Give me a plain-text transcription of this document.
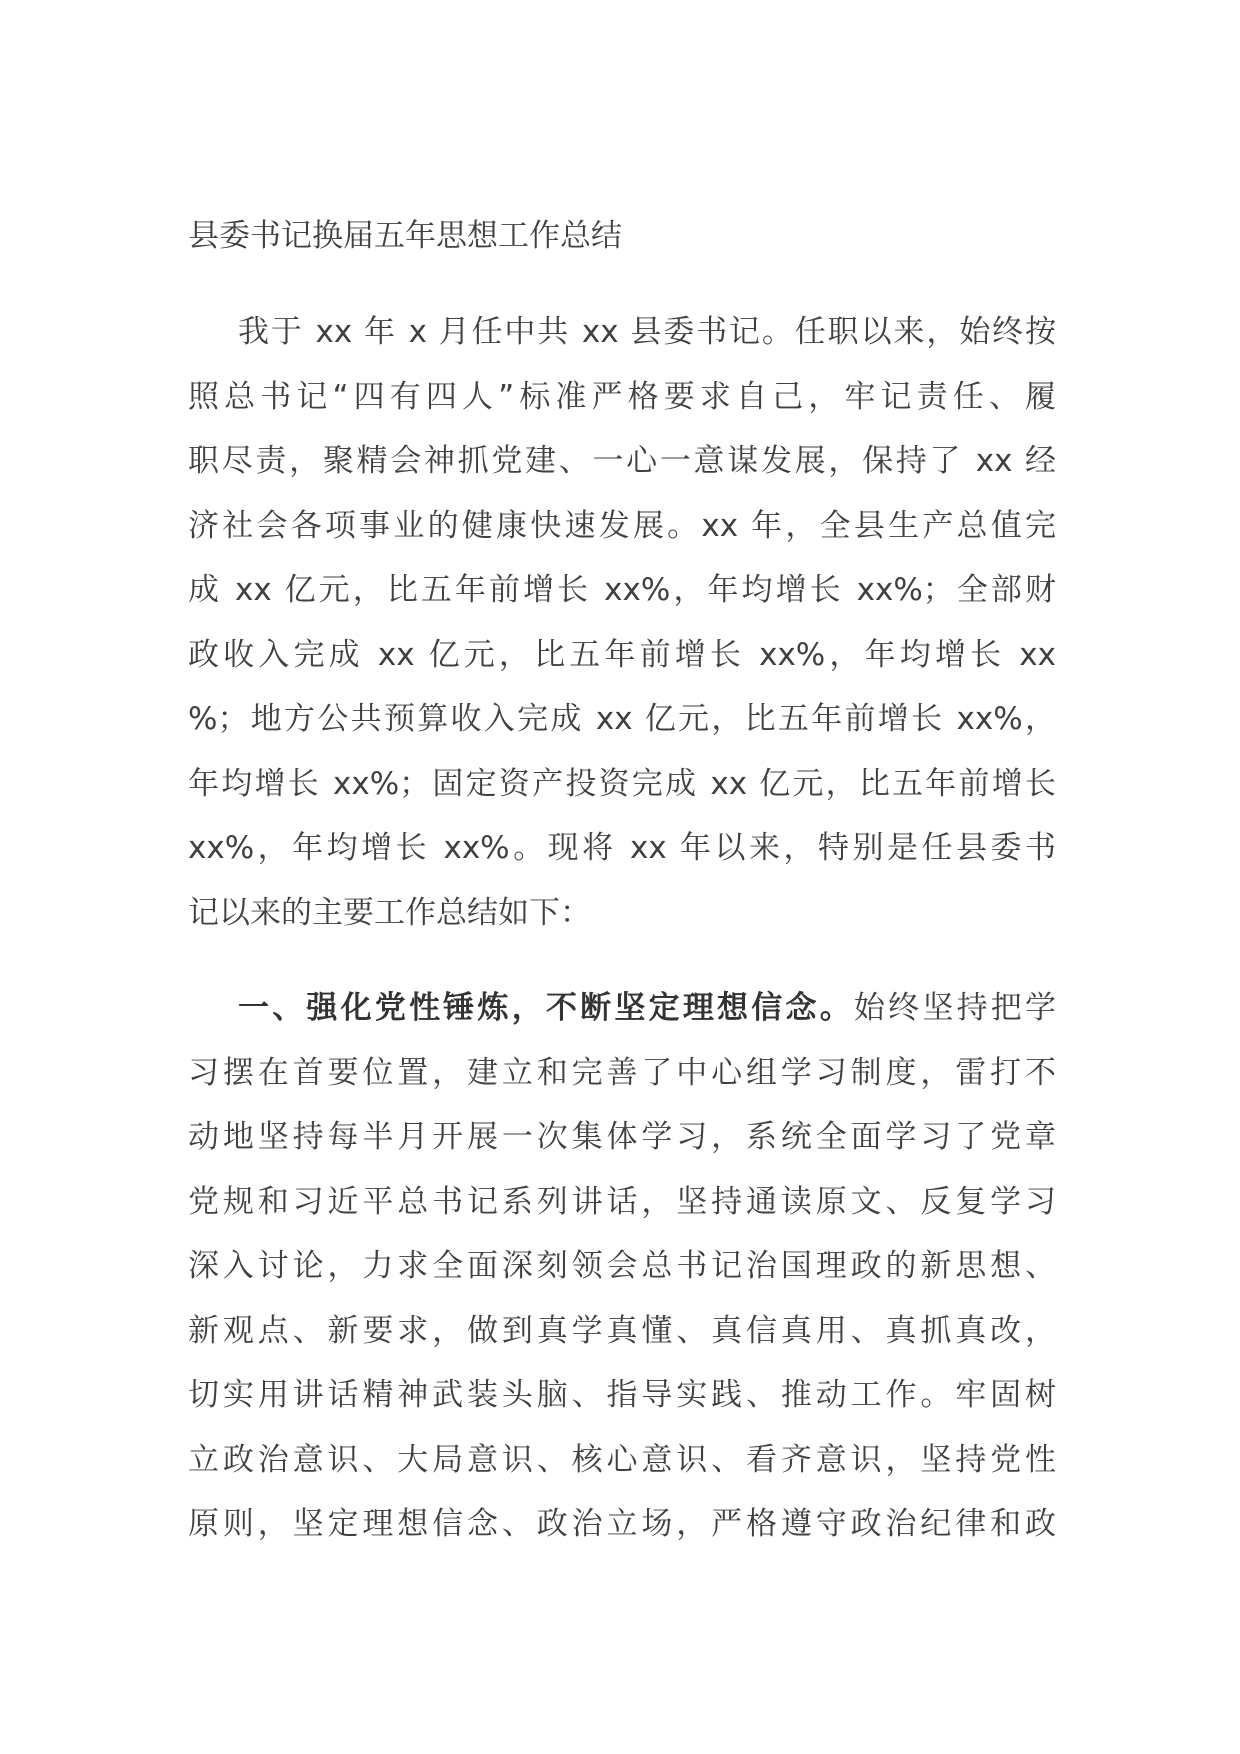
县委书记换届五年思想工作总结
我于 xx 年 x 月任中共 xx 县委书记。任职以来，始终按
照总书记“四有四人”标准严格要求自己，牢记责任、履
职尽责，聚精会神抓党建、一心一意谋发展，保持了 xx 经
济社会各项事业的健康快速发展。xx 年，全县生产总值完
成 xx 亿元，比五年前增长 xx%，年均增长 xx%；全部财
政收入完成 xx 亿元，比五年前增长 xx%，年均增长 xx
%；地方公共预算收入完成 xx 亿元，比五年前增长 xx%，
年均增长 xx%；固定资产投资完成 xx 亿元，比五年前增长
xx%，年均增长 xx%。现将 xx 年以来，特别是任县委书
记以来的主要工作总结如下：
一、强化党性锤炼，不断坚定理想信念。始终坚持把学
习摆在首要位置，建立和完善了中心组学习制度，雷打不
动地坚持每半月开展一次集体学习，系统全面学习了党章
党规和习近平总书记系列讲话，坚持通读原文、反复学习
深入讨论，力求全面深刻领会总书记治国理政的新思想、
新观点、新要求，做到真学真懂、真信真用、真抓真改，
切实用讲话精神武装头脑、指导实践、推动工作。牢固树
立政治意识、大局意识、核心意识、看齐意识，坚持党性
原则，坚定理想信念、政治立场，严格遵守政治纪律和政
